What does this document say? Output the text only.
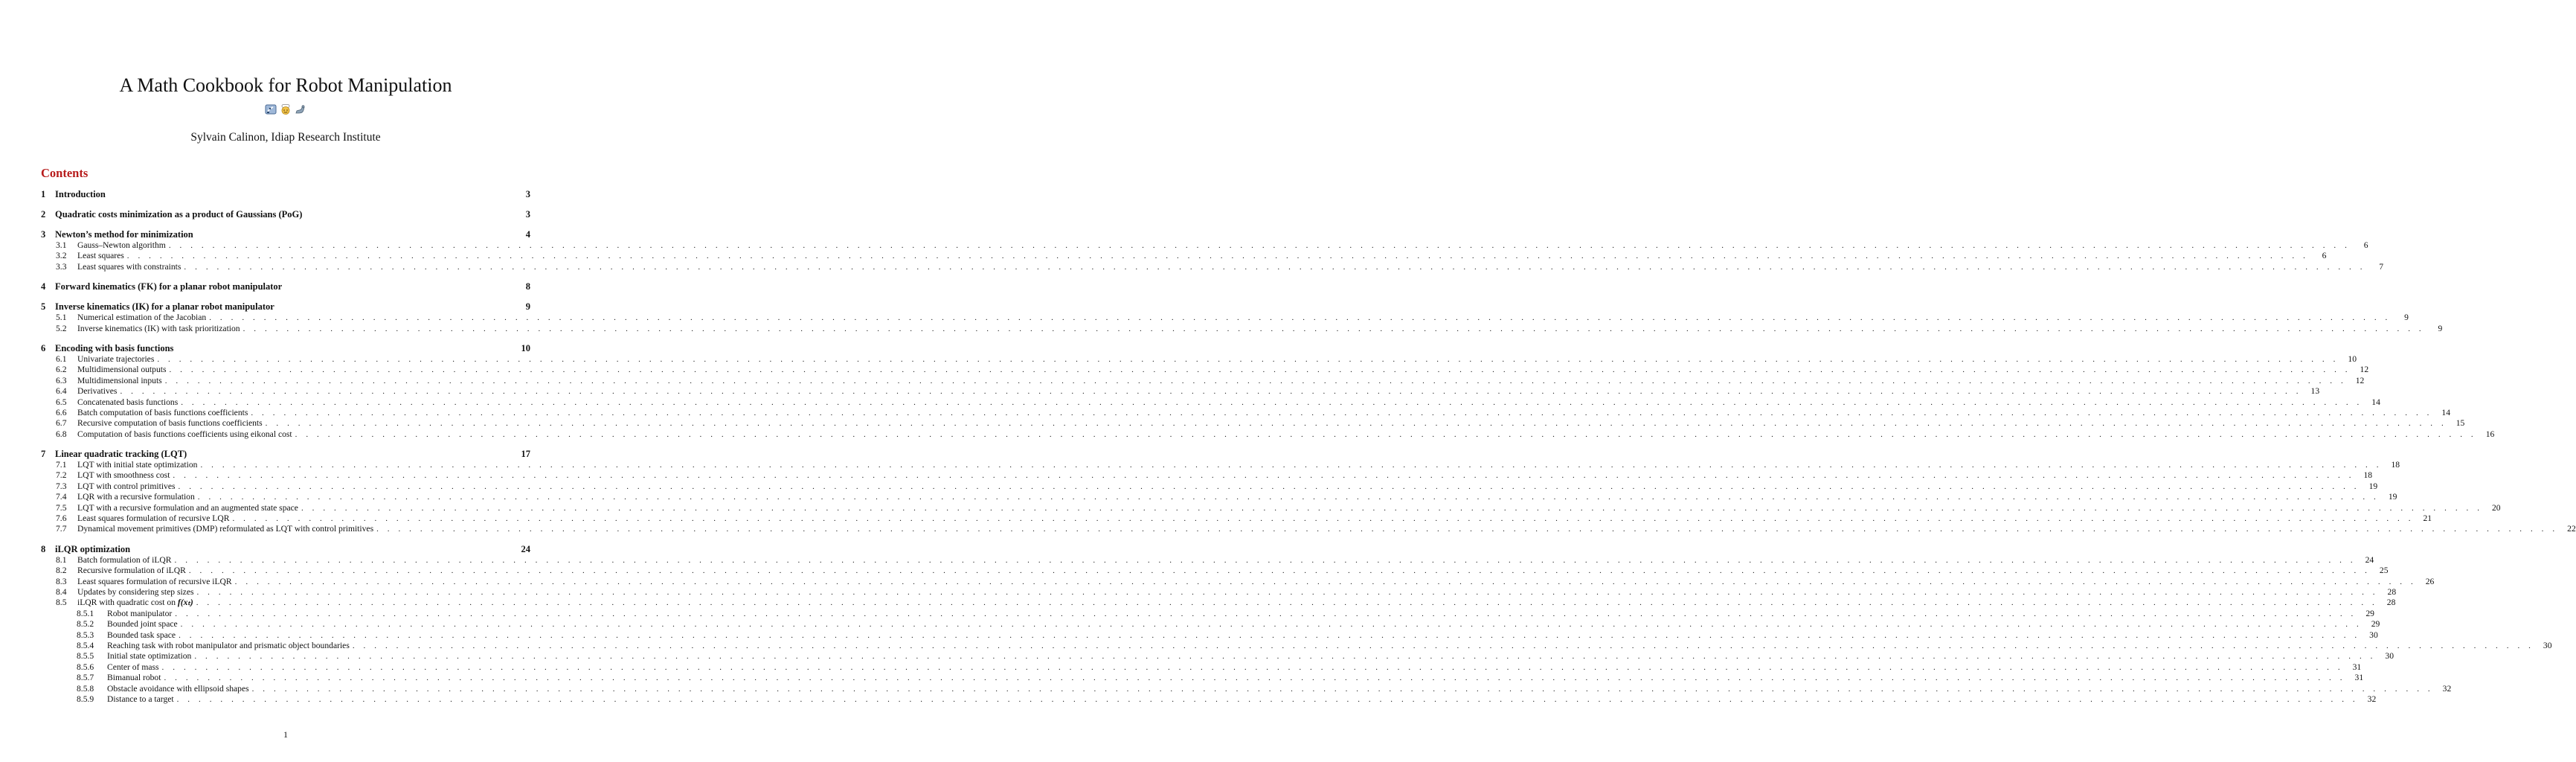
A Math Cookbook for Robot Manipulation

Sylvain Calinon, Idiap Research Institute
Contents
1	Introduction	3
2	Quadratic costs minimization as a product of Gaussians (PoG)	3
3	Newton’s method for minimization	4
3.1	Gauss–Newton algorithm . . . . . . . . . . . . . . . . . . . . . . . . . . . . . . . . . . . . . . . . . . . . . . . . . . . . . . . . . . . . . . . . . . . . . . . . . . . . . . . . . . . . . . . . . . . . . . . . . . . . . . . . . . . . . . . . . . . . . . . . . . . . . . . . . . . . . . . . . . . . . . . . . . . . . . . . . . . . . . . . . . . . . . . . . . . . . . . . . . . . . . . . . . . . . . . . . . . . . . . .	6
3.2	Least squares . . . . . . . . . . . . . . . . . . . . . . . . . . . . . . . . . . . . . . . . . . . . . . . . . . . . . . . . . . . . . . . . . . . . . . . . . . . . . . . . . . . . . . . . . . . . . . . . . . . . . . . . . . . . . . . . . . . . . . . . . . . . . . . . . . . . . . . . . . . . . . . . . . . . . . . . . . . . . . . . . . . . . . . . . . . . . . . . . . . . . . . . . . . . . . . . . . . . . . . .	6
3.3	Least squares with constraints . . . . . . . . . . . . . . . . . . . . . . . . . . . . . . . . . . . . . . . . . . . . . . . . . . . . . . . . . . . . . . . . . . . . . . . . . . . . . . . . . . . . . . . . . . . . . . . . . . . . . . . . . . . . . . . . . . . . . . . . . . . . . . . . . . . . . . . . . . . . . . . . . . . . . . . . . . . . . . . . . . . . . . . . . . . . . . . . . . . . . . . . . . . . . . . . . . . . . . . .	7
4	Forward kinematics (FK) for a planar robot manipulator	8
5	Inverse kinematics (IK) for a planar robot manipulator	9
5.1	Numerical estimation of the Jacobian . . . . . . . . . . . . . . . . . . . . . . . . . . . . . . . . . . . . . . . . . . . . . . . . . . . . . . . . . . . . . . . . . . . . . . . . . . . . . . . . . . . . . . . . . . . . . . . . . . . . . . . . . . . . . . . . . . . . . . . . . . . . . . . . . . . . . . . . . . . . . . . . . . . . . . . . . . . . . . . . . . . . . . . . . . . . . . . . . . . . . . . . . . . . . . . . . . . . . . . .	9
5.2	Inverse kinematics (IK) with task prioritization . . . . . . . . . . . . . . . . . . . . . . . . . . . . . . . . . . . . . . . . . . . . . . . . . . . . . . . . . . . . . . . . . . . . . . . . . . . . . . . . . . . . . . . . . . . . . . . . . . . . . . . . . . . . . . . . . . . . . . . . . . . . . . . . . . . . . . . . . . . . . . . . . . . . . . . . . . . . . . . . . . . . . . . . . . . . . . . . . . . . . . . . . . . . . . . . . . . . . . . .	9
6	Encoding with basis functions	10
6.1	Univariate trajectories . . . . . . . . . . . . . . . . . . . . . . . . . . . . . . . . . . . . . . . . . . . . . . . . . . . . . . . . . . . . . . . . . . . . . . . . . . . . . . . . . . . . . . . . . . . . . . . . . . . . . . . . . . . . . . . . . . . . . . . . . . . . . . . . . . . . . . . . . . . . . . . . . . . . . . . . . . . . . . . . . . . . . . . . . . . . . . . . . . . . . . . . . . . . . . . . . . . . . . . .	10
6.2	Multidimensional outputs . . . . . . . . . . . . . . . . . . . . . . . . . . . . . . . . . . . . . . . . . . . . . . . . . . . . . . . . . . . . . . . . . . . . . . . . . . . . . . . . . . . . . . . . . . . . . . . . . . . . . . . . . . . . . . . . . . . . . . . . . . . . . . . . . . . . . . . . . . . . . . . . . . . . . . . . . . . . . . . . . . . . . . . . . . . . . . . . . . . . . . . . . . . . . . . . . . . . . . . .	12
6.3	Multidimensional inputs . . . . . . . . . . . . . . . . . . . . . . . . . . . . . . . . . . . . . . . . . . . . . . . . . . . . . . . . . . . . . . . . . . . . . . . . . . . . . . . . . . . . . . . . . . . . . . . . . . . . . . . . . . . . . . . . . . . . . . . . . . . . . . . . . . . . . . . . . . . . . . . . . . . . . . . . . . . . . . . . . . . . . . . . . . . . . . . . . . . . . . . . . . . . . . . . . . . . . . . .	12
6.4	Derivatives . . . . . . . . . . . . . . . . . . . . . . . . . . . . . . . . . . . . . . . . . . . . . . . . . . . . . . . . . . . . . . . . . . . . . . . . . . . . . . . . . . . . . . . . . . . . . . . . . . . . . . . . . . . . . . . . . . . . . . . . . . . . . . . . . . . . . . . . . . . . . . . . . . . . . . . . . . . . . . . . . . . . . . . . . . . . . . . . . . . . . . . . . . . . . . . . . . . . . . . .	13
6.5	Concatenated basis functions . . . . . . . . . . . . . . . . . . . . . . . . . . . . . . . . . . . . . . . . . . . . . . . . . . . . . . . . . . . . . . . . . . . . . . . . . . . . . . . . . . . . . . . . . . . . . . . . . . . . . . . . . . . . . . . . . . . . . . . . . . . . . . . . . . . . . . . . . . . . . . . . . . . . . . . . . . . . . . . . . . . . . . . . . . . . . . . . . . . . . . . . . . . . . . . . . . . . . . . .	14
6.6	Batch computation of basis functions coefficients . . . . . . . . . . . . . . . . . . . . . . . . . . . . . . . . . . . . . . . . . . . . . . . . . . . . . . . . . . . . . . . . . . . . . . . . . . . . . . . . . . . . . . . . . . . . . . . . . . . . . . . . . . . . . . . . . . . . . . . . . . . . . . . . . . . . . . . . . . . . . . . . . . . . . . . . . . . . . . . . . . . . . . . . . . . . . . . . . . . . . . . . . . . . . . . . . . . . . . . .	14
6.7	Recursive computation of basis functions coefficients . . . . . . . . . . . . . . . . . . . . . . . . . . . . . . . . . . . . . . . . . . . . . . . . . . . . . . . . . . . . . . . . . . . . . . . . . . . . . . . . . . . . . . . . . . . . . . . . . . . . . . . . . . . . . . . . . . . . . . . . . . . . . . . . . . . . . . . . . . . . . . . . . . . . . . . . . . . . . . . . . . . . . . . . . . . . . . . . . . . . . . . . . . . . . . . . . . . . . . . .	15
6.8	Computation of basis functions coefficients using eikonal cost . . . . . . . . . . . . . . . . . . . . . . . . . . . . . . . . . . . . . . . . . . . . . . . . . . . . . . . . . . . . . . . . . . . . . . . . . . . . . . . . . . . . . . . . . . . . . . . . . . . . . . . . . . . . . . . . . . . . . . . . . . . . . . . . . . . . . . . . . . . . . . . . . . . . . . . . . . . . . . . . . . . . . . . . . . . . . . . . . . . . . . . . . . . . . . . . . . . . . . . .	16
7	Linear quadratic tracking (LQT)	17
7.1	LQT with initial state optimization . . . . . . . . . . . . . . . . . . . . . . . . . . . . . . . . . . . . . . . . . . . . . . . . . . . . . . . . . . . . . . . . . . . . . . . . . . . . . . . . . . . . . . . . . . . . . . . . . . . . . . . . . . . . . . . . . . . . . . . . . . . . . . . . . . . . . . . . . . . . . . . . . . . . . . . . . . . . . . . . . . . . . . . . . . . . . . . . . . . . . . . . . . . . . . . . . . . . . . . .	18
7.2	LQT with smoothness cost . . . . . . . . . . . . . . . . . . . . . . . . . . . . . . . . . . . . . . . . . . . . . . . . . . . . . . . . . . . . . . . . . . . . . . . . . . . . . . . . . . . . . . . . . . . . . . . . . . . . . . . . . . . . . . . . . . . . . . . . . . . . . . . . . . . . . . . . . . . . . . . . . . . . . . . . . . . . . . . . . . . . . . . . . . . . . . . . . . . . . . . . . . . . . . . . . . . . . . . .	18
7.3	LQT with control primitives . . . . . . . . . . . . . . . . . . . . . . . . . . . . . . . . . . . . . . . . . . . . . . . . . . . . . . . . . . . . . . . . . . . . . . . . . . . . . . . . . . . . . . . . . . . . . . . . . . . . . . . . . . . . . . . . . . . . . . . . . . . . . . . . . . . . . . . . . . . . . . . . . . . . . . . . . . . . . . . . . . . . . . . . . . . . . . . . . . . . . . . . . . . . . . . . . . . . . . . .	19
7.4	LQR with a recursive formulation . . . . . . . . . . . . . . . . . . . . . . . . . . . . . . . . . . . . . . . . . . . . . . . . . . . . . . . . . . . . . . . . . . . . . . . . . . . . . . . . . . . . . . . . . . . . . . . . . . . . . . . . . . . . . . . . . . . . . . . . . . . . . . . . . . . . . . . . . . . . . . . . . . . . . . . . . . . . . . . . . . . . . . . . . . . . . . . . . . . . . . . . . . . . . . . . . . . . . . . .	19
7.5	LQT with a recursive formulation and an augmented state space . . . . . . . . . . . . . . . . . . . . . . . . . . . . . . . . . . . . . . . . . . . . . . . . . . . . . . . . . . . . . . . . . . . . . . . . . . . . . . . . . . . . . . . . . . . . . . . . . . . . . . . . . . . . . . . . . . . . . . . . . . . . . . . . . . . . . . . . . . . . . . . . . . . . . . . . . . . . . . . . . . . . . . . . . . . . . . . . . . . . . . . . . . . . . . . . . . . . . . . .	20
7.6	Least squares formulation of recursive LQR . . . . . . . . . . . . . . . . . . . . . . . . . . . . . . . . . . . . . . . . . . . . . . . . . . . . . . . . . . . . . . . . . . . . . . . . . . . . . . . . . . . . . . . . . . . . . . . . . . . . . . . . . . . . . . . . . . . . . . . . . . . . . . . . . . . . . . . . . . . . . . . . . . . . . . . . . . . . . . . . . . . . . . . . . . . . . . . . . . . . . . . . . . . . . . . . . . . . . . . .	21
7.7	Dynamical movement primitives (DMP) reformulated as LQT with control primitives . . . . . . . . . . . . . . . . . . . . . . . . . . . . . . . . . . . . . . . . . . . . . . . . . . . . . . . . . . . . . . . . . . . . . . . . . . . . . . . . . . . . . . . . . . . . . . . . . . . . . . . . . . . . . . . . . . . . . . . . . . . . . . . . . . . . . . . . . . . . . . . . . . . . . . . . . . . . . . . . . . . . . . . . . . . . . . . . . . . . . . . . . . . . . . . . . . . . . . . .	22
8	iLQR optimization	24
8.1	Batch formulation of iLQR . . . . . . . . . . . . . . . . . . . . . . . . . . . . . . . . . . . . . . . . . . . . . . . . . . . . . . . . . . . . . . . . . . . . . . . . . . . . . . . . . . . . . . . . . . . . . . . . . . . . . . . . . . . . . . . . . . . . . . . . . . . . . . . . . . . . . . . . . . . . . . . . . . . . . . . . . . . . . . . . . . . . . . . . . . . . . . . . . . . . . . . . . . . . . . . . . . . . . . . .	24
8.2	Recursive formulation of iLQR . . . . . . . . . . . . . . . . . . . . . . . . . . . . . . . . . . . . . . . . . . . . . . . . . . . . . . . . . . . . . . . . . . . . . . . . . . . . . . . . . . . . . . . . . . . . . . . . . . . . . . . . . . . . . . . . . . . . . . . . . . . . . . . . . . . . . . . . . . . . . . . . . . . . . . . . . . . . . . . . . . . . . . . . . . . . . . . . . . . . . . . . . . . . . . . . . . . . . . . .	25
8.3	Least squares formulation of recursive iLQR . . . . . . . . . . . . . . . . . . . . . . . . . . . . . . . . . . . . . . . . . . . . . . . . . . . . . . . . . . . . . . . . . . . . . . . . . . . . . . . . . . . . . . . . . . . . . . . . . . . . . . . . . . . . . . . . . . . . . . . . . . . . . . . . . . . . . . . . . . . . . . . . . . . . . . . . . . . . . . . . . . . . . . . . . . . . . . . . . . . . . . . . . . . . . . . . . . . . . . . .	26
8.4	Updates by considering step sizes . . . . . . . . . . . . . . . . . . . . . . . . . . . . . . . . . . . . . . . . . . . . . . . . . . . . . . . . . . . . . . . . . . . . . . . . . . . . . . . . . . . . . . . . . . . . . . . . . . . . . . . . . . . . . . . . . . . . . . . . . . . . . . . . . . . . . . . . . . . . . . . . . . . . . . . . . . . . . . . . . . . . . . . . . . . . . . . . . . . . . . . . . . . . . . . . . . . . . . . .	28
8.5	iLQR with quadratic cost on f(xₜ) . . . . . . . . . . . . . . . . . . . . . . . . . . . . . . . . . . . . . . . . . . . . . . . . . . . . . . . . . . . . . . . . . . . . . . . . . . . . . . . . . . . . . . . . . . . . . . . . . . . . . . . . . . . . . . . . . . . . . . . . . . . . . . . . . . . . . . . . . . . . . . . . . . . . . . . . . . . . . . . . . . . . . . . . . . . . . . . . . . . . . . . . . . . . . . . . . . . . . . . .	28
8.5.1	Robot manipulator . . . . . . . . . . . . . . . . . . . . . . . . . . . . . . . . . . . . . . . . . . . . . . . . . . . . . . . . . . . . . . . . . . . . . . . . . . . . . . . . . . . . . . . . . . . . . . . . . . . . . . . . . . . . . . . . . . . . . . . . . . . . . . . . . . . . . . . . . . . . . . . . . . . . . . . . . . . . . . . . . . . . . . . . . . . . . . . . . . . . . . . . . . . . . . . . . . . . . . . .	29
8.5.2	Bounded joint space . . . . . . . . . . . . . . . . . . . . . . . . . . . . . . . . . . . . . . . . . . . . . . . . . . . . . . . . . . . . . . . . . . . . . . . . . . . . . . . . . . . . . . . . . . . . . . . . . . . . . . . . . . . . . . . . . . . . . . . . . . . . . . . . . . . . . . . . . . . . . . . . . . . . . . . . . . . . . . . . . . . . . . . . . . . . . . . . . . . . . . . . . . . . . . . . . . . . . . . .	29
8.5.3	Bounded task space . . . . . . . . . . . . . . . . . . . . . . . . . . . . . . . . . . . . . . . . . . . . . . . . . . . . . . . . . . . . . . . . . . . . . . . . . . . . . . . . . . . . . . . . . . . . . . . . . . . . . . . . . . . . . . . . . . . . . . . . . . . . . . . . . . . . . . . . . . . . . . . . . . . . . . . . . . . . . . . . . . . . . . . . . . . . . . . . . . . . . . . . . . . . . . . . . . . . . . . .	30
8.5.4	Reaching task with robot manipulator and prismatic object boundaries . . . . . . . . . . . . . . . . . . . . . . . . . . . . . . . . . . . . . . . . . . . . . . . . . . . . . . . . . . . . . . . . . . . . . . . . . . . . . . . . . . . . . . . . . . . . . . . . . . . . . . . . . . . . . . . . . . . . . . . . . . . . . . . . . . . . . . . . . . . . . . . . . . . . . . . . . . . . . . . . . . . . . . . . . . . . . . . . . . . . . . . . . . . . . . . . . . . . . . . .	30
8.5.5	Initial state optimization . . . . . . . . . . . . . . . . . . . . . . . . . . . . . . . . . . . . . . . . . . . . . . . . . . . . . . . . . . . . . . . . . . . . . . . . . . . . . . . . . . . . . . . . . . . . . . . . . . . . . . . . . . . . . . . . . . . . . . . . . . . . . . . . . . . . . . . . . . . . . . . . . . . . . . . . . . . . . . . . . . . . . . . . . . . . . . . . . . . . . . . . . . . . . . . . . . . . . . . .	30
8.5.6	Center of mass . . . . . . . . . . . . . . . . . . . . . . . . . . . . . . . . . . . . . . . . . . . . . . . . . . . . . . . . . . . . . . . . . . . . . . . . . . . . . . . . . . . . . . . . . . . . . . . . . . . . . . . . . . . . . . . . . . . . . . . . . . . . . . . . . . . . . . . . . . . . . . . . . . . . . . . . . . . . . . . . . . . . . . . . . . . . . . . . . . . . . . . . . . . . . . . . . . . . . . . .	31
8.5.7	Bimanual robot . . . . . . . . . . . . . . . . . . . . . . . . . . . . . . . . . . . . . . . . . . . . . . . . . . . . . . . . . . . . . . . . . . . . . . . . . . . . . . . . . . . . . . . . . . . . . . . . . . . . . . . . . . . . . . . . . . . . . . . . . . . . . . . . . . . . . . . . . . . . . . . . . . . . . . . . . . . . . . . . . . . . . . . . . . . . . . . . . . . . . . . . . . . . . . . . . . . . . . . .	31
8.5.8	Obstacle avoidance with ellipsoid shapes . . . . . . . . . . . . . . . . . . . . . . . . . . . . . . . . . . . . . . . . . . . . . . . . . . . . . . . . . . . . . . . . . . . . . . . . . . . . . . . . . . . . . . . . . . . . . . . . . . . . . . . . . . . . . . . . . . . . . . . . . . . . . . . . . . . . . . . . . . . . . . . . . . . . . . . . . . . . . . . . . . . . . . . . . . . . . . . . . . . . . . . . . . . . . . . . . . . . . . . .	32
8.5.9	Distance to a target . . . . . . . . . . . . . . . . . . . . . . . . . . . . . . . . . . . . . . . . . . . . . . . . . . . . . . . . . . . . . . . . . . . . . . . . . . . . . . . . . . . . . . . . . . . . . . . . . . . . . . . . . . . . . . . . . . . . . . . . . . . . . . . . . . . . . . . . . . . . . . . . . . . . . . . . . . . . . . . . . . . . . . . . . . . . . . . . . . . . . . . . . . . . . . . . . . . . . . . .	32
1
